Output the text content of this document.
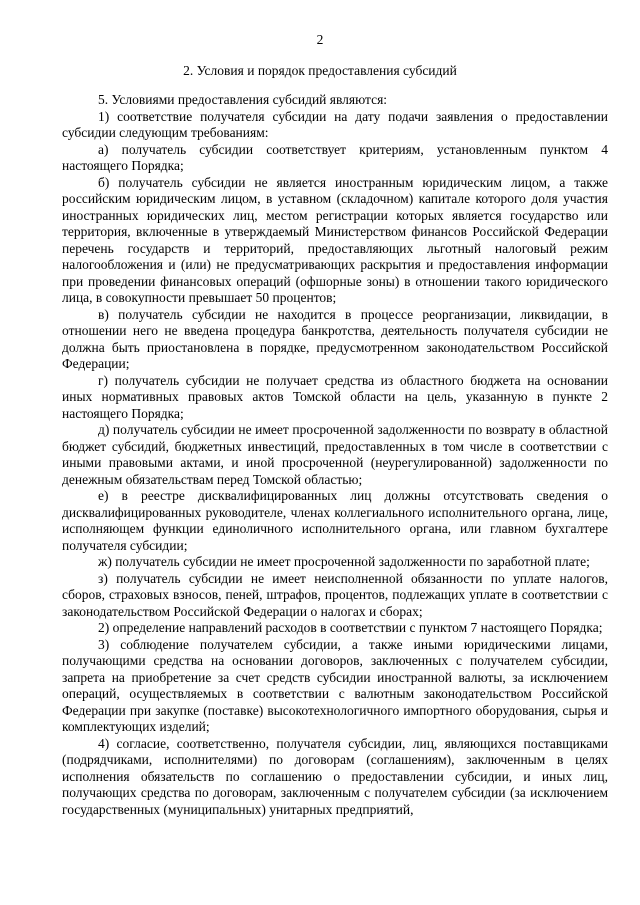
2
2. Условия и порядок предоставления субсидий

5. Условиями предоставления субсидий являются:

1) соответствие получателя субсидии на дату подачи заявления о предоставлении субсидии следующим требованиям:

а) получатель субсидии соответствует критериям, установленным пунктом 4 настоящего Порядка;

б) получатель субсидии не является иностранным юридическим лицом, а также российским юридическим лицом, в уставном (складочном) капитале которого доля участия иностранных юридических лиц, местом регистрации которых является государство или территория, включенные в утверждаемый Министерством финансов Российской Федерации перечень государств и территорий, предоставляющих льготный налоговый режим налогообложения и (или) не предусматривающих раскрытия и предоставления информации при проведении финансовых операций (офшорные зоны) в отношении такого юридического лица, в совокупности превышает 50 процентов;

в) получатель субсидии не находится в процессе реорганизации, ликвидации, в отношении него не введена процедура банкротства, деятельность получателя субсидии не должна быть приостановлена в порядке, предусмотренном законодательством Российской Федерации;

г) получатель субсидии не получает средства из областного бюджета на основании иных нормативных правовых актов Томской области на цель, указанную в пункте 2 настоящего Порядка;

д) получатель субсидии не имеет просроченной задолженности по возврату в областной бюджет субсидий, бюджетных инвестиций, предоставленных в том числе в соответствии с иными правовыми актами, и иной просроченной (неурегулированной) задолженности по денежным обязательствам перед Томской областью;

е) в реестре дисквалифицированных лиц должны отсутствовать сведения о дисквалифицированных руководителе, членах коллегиального исполнительного органа, лице, исполняющем функции единоличного исполнительного органа, или главном бухгалтере получателя субсидии;

ж) получатель субсидии не имеет просроченной задолженности по заработной плате;

з) получатель субсидии не имеет неисполненной обязанности по уплате налогов, сборов, страховых взносов, пеней, штрафов, процентов, подлежащих уплате в соответствии с законодательством Российской Федерации о налогах и сборах;

2) определение направлений расходов в соответствии с пунктом 7 настоящего Порядка;

3) соблюдение получателем субсидии, а также иными юридическими лицами, получающими средства на основании договоров, заключенных с получателем субсидии, запрета на приобретение за счет средств субсидии иностранной валюты, за исключением операций, осуществляемых в соответствии с валютным законодательством Российской Федерации при закупке (поставке) высокотехнологичного импортного оборудования, сырья и комплектующих изделий;

4) согласие, соответственно, получателя субсидии, лиц, являющихся поставщиками (подрядчиками, исполнителями) по договорам (соглашениям), заключенным в целях исполнения обязательств по соглашению о предоставлении субсидии, и иных лиц, получающих средства по договорам, заключенным с получателем субсидии (за исключением государственных (муниципальных) унитарных предприятий,
